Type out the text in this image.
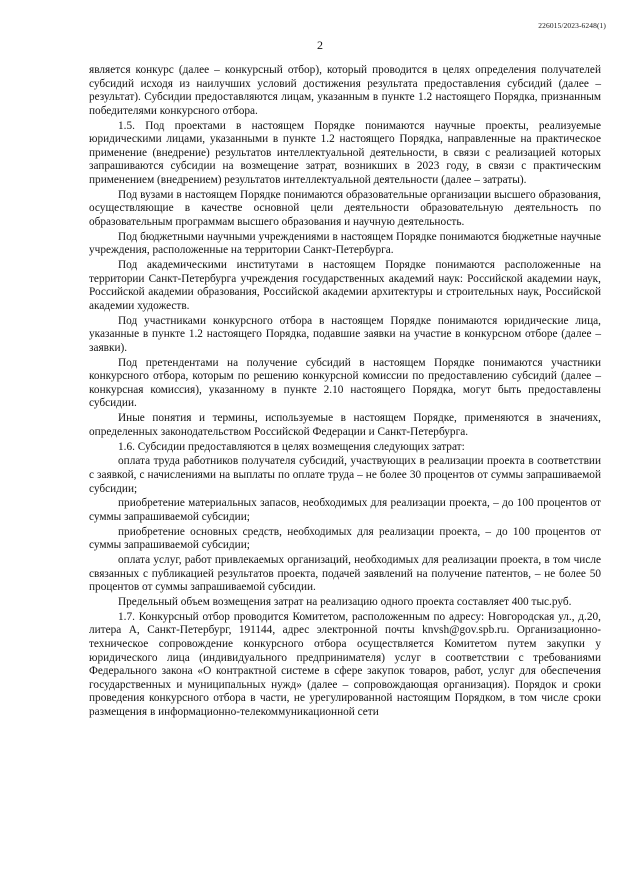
226015/2023-6248(1)
2

является конкурс (далее – конкурсный отбор), который проводится в целях определения получателей субсидий исходя из наилучших условий достижения результата предоставления субсидий (далее – результат). Субсидии предоставляются лицам, указанным в пункте 1.2 настоящего Порядка, признанным победителями конкурсного отбора.

1.5. Под проектами в настоящем Порядке понимаются научные проекты, реализуемые юридическими лицами, указанными в пункте 1.2 настоящего Порядка, направленные на практическое применение (внедрение) результатов интеллектуальной деятельности, в связи с реализацией которых запрашиваются субсидии на возмещение затрат, возникших в 2023 году, в связи с практическим применением (внедрением) результатов интеллектуальной деятельности (далее – затраты).

Под вузами в настоящем Порядке понимаются образовательные организации высшего образования, осуществляющие в качестве основной цели деятельности образовательную деятельность по образовательным программам высшего образования и научную деятельность.

Под бюджетными научными учреждениями в настоящем Порядке понимаются бюджетные научные учреждения, расположенные на территории Санкт-Петербурга.

Под академическими институтами в настоящем Порядке понимаются расположенные на территории Санкт-Петербурга учреждения государственных академий наук: Российской академии наук, Российской академии образования, Российской академии архитектуры и строительных наук, Российской академии художеств.

Под участниками конкурсного отбора в настоящем Порядке понимаются юридические лица, указанные в пункте 1.2 настоящего Порядка, подавшие заявки на участие в конкурсном отборе (далее – заявки).

Под претендентами на получение субсидий в настоящем Порядке понимаются участники конкурсного отбора, которым по решению конкурсной комиссии по предоставлению субсидий (далее – конкурсная комиссия), указанному в пункте 2.10 настоящего Порядка, могут быть предоставлены субсидии.

Иные понятия и термины, используемые в настоящем Порядке, применяются в значениях, определенных законодательством Российской Федерации и Санкт-Петербурга.

1.6. Субсидии предоставляются в целях возмещения следующих затрат:

оплата труда работников получателя субсидий, участвующих в реализации проекта в соответствии с заявкой, с начислениями на выплаты по оплате труда – не более 30 процентов от суммы запрашиваемой субсидии;

приобретение материальных запасов, необходимых для реализации проекта, – до 100 процентов от суммы запрашиваемой субсидии;

приобретение основных средств, необходимых для реализации проекта, – до 100 процентов от суммы запрашиваемой субсидии;

оплата услуг, работ привлекаемых организаций, необходимых для реализации проекта, в том числе связанных с публикацией результатов проекта, подачей заявлений на получение патентов, – не более 50 процентов от суммы запрашиваемой субсидии.

Предельный объем возмещения затрат на реализацию одного проекта составляет 400 тыс.руб.

1.7. Конкурсный отбор проводится Комитетом, расположенным по адресу: Новгородская ул., д.20, литера А, Санкт-Петербург, 191144, адрес электронной почты knvsh@gov.spb.ru. Организационно-техническое сопровождение конкурсного отбора осуществляется Комитетом путем закупки у юридического лица (индивидуального предпринимателя) услуг в соответствии с требованиями Федерального закона «О контрактной системе в сфере закупок товаров, работ, услуг для обеспечения государственных и муниципальных нужд» (далее – сопровождающая организация). Порядок и сроки проведения конкурсного отбора в части, не урегулированной настоящим Порядком, в том числе сроки размещения в информационно-телекоммуникационной сети
